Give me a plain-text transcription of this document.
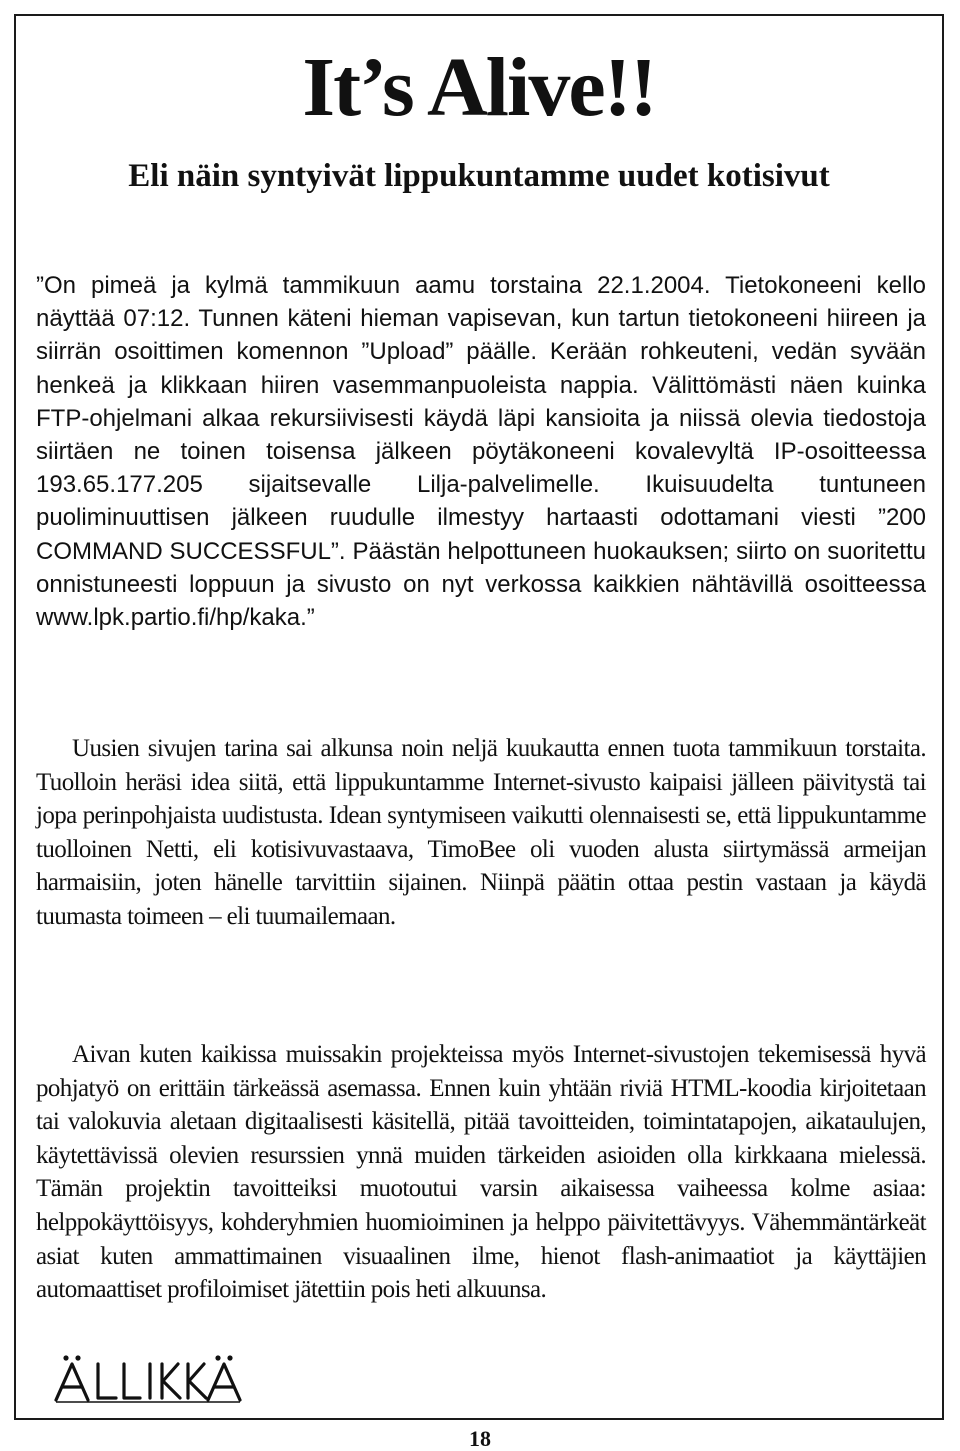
It’s Alive!!
Eli näin syntyivät lippukuntamme uudet kotisivut

”On pimeä ja kylmä tammikuun aamu torstaina 22.1.2004. Tietokoneeni kello näyttää 07:12. Tunnen käteni hieman vapisevan, kun tartun tietokoneeni hiireen ja siirrän osoittimen komennon ”Upload” päälle. Kerään rohkeuteni, vedän syvään henkeä ja klikkaan hiiren vasemmanpuoleista nappia. Välittömästi näen kuinka FTP-ohjelmani alkaa rekursiivisesti käydä läpi kansioita ja niissä olevia tiedostoja siirtäen ne toinen toisensa jälkeen pöytäkoneeni kovalevyltä IP-osoitteessa 193.65.177.205 sijaitsevalle Lilja-palvelimelle. Ikuisuudelta tuntuneen puoliminuuttisen jälkeen ruudulle ilmestyy hartaasti odottamani viesti ”200 COMMAND SUCCESSFUL”. Päästän helpottuneen huokauksen; siirto on suoritettu onnistuneesti loppuun ja sivusto on nyt verkossa kaikkien nähtävillä osoitteessa www.lpk.partio.fi/hp/kaka.”

Uusien sivujen tarina sai alkunsa noin neljä kuukautta ennen tuota tammikuun torstaita. Tuolloin heräsi idea siitä, että lippukuntamme Internet-sivusto kaipaisi jälleen päivitystä tai jopa perinpohjaista uudistusta. Idean syntymiseen vaikutti olennaisesti se, että lippukuntamme tuolloinen Netti, eli kotisivuvastaava, TimoBee oli vuoden alusta siirtymässä armeijan harmaisiin, joten hänelle tarvittiin sijainen. Niinpä päätin ottaa pestin vastaan ja käydä tuumasta toimeen – eli tuumailemaan.

Aivan kuten kaikissa muissakin projekteissa myös Internet-sivustojen tekemisessä hyvä pohjatyö on erittäin tärkeässä asemassa. Ennen kuin yhtään riviä HTML-koodia kirjoitetaan tai valokuvia aletaan digitaalisesti käsitellä, pitää tavoitteiden, toimintatapojen, aikataulujen, käytettävissä olevien resurssien ynnä muiden tärkeiden asioiden olla kirkkaana mielessä. Tämän projektin tavoitteiksi muotoutui varsin aikaisessa vaiheessa kolme asiaa: helppokäyttöisyys, kohderyhmien huomioiminen ja helppo päivitettävyys. Vähemmäntärkeät asiat kuten ammattimainen visuaalinen ilme, hienot flash-animaatiot ja käyttäjien automaattiset profiloimiset jätettiin pois heti alkuunsa.

18
